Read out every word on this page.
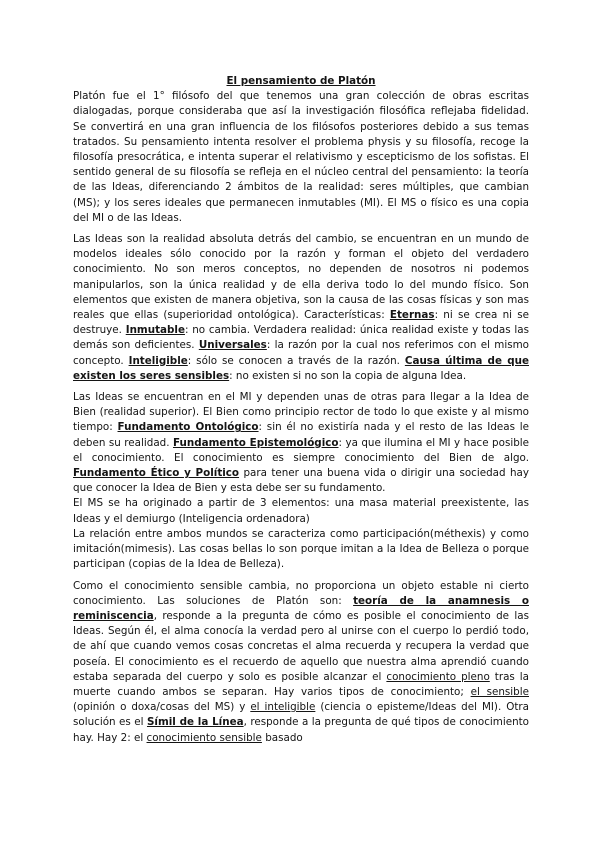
El pensamiento de Platón

Platón fue el 1° filósofo del que tenemos una gran colección de obras escritas dialogadas, porque consideraba que así la investigación filosófica reflejaba fidelidad. Se convertirá en una gran influencia de los filósofos posteriores debido a sus temas tratados. Su pensamiento intenta resolver el problema physis y su filosofía, recoge la filosofía presocrática, e intenta superar el relativismo y escepticismo de los sofistas. El sentido general de su filosofía se refleja en el núcleo central del pensamiento: la teoría de las Ideas, diferenciando 2 ámbitos de la realidad: seres múltiples, que cambian (MS); y los seres ideales que permanecen inmutables (MI). El MS o físico es una copia del MI o de las Ideas.

Las Ideas son la realidad absoluta detrás del cambio, se encuentran en un mundo de modelos ideales sólo conocido por la razón y forman el objeto del verdadero conocimiento. No son meros conceptos, no dependen de nosotros ni podemos manipularlos, son la única realidad y de ella deriva todo lo del mundo físico. Son elementos que existen de manera objetiva, son la causa de las cosas físicas y son mas reales que ellas (superioridad ontológica). Características: Eternas: ni se crea ni se destruye. Inmutable: no cambia. Verdadera realidad: única realidad existe y todas las demás son deficientes. Universales: la razón por la cual nos referimos con el mismo concepto. Inteligible: sólo se conocen a través de la razón. Causa última de que existen los seres sensibles: no existen si no son la copia de alguna Idea.

Las Ideas se encuentran en el MI y dependen unas de otras para llegar a la Idea de Bien (realidad superior). El Bien como principio rector de todo lo que existe y al mismo tiempo: Fundamento Ontológico: sin él no existiría nada y el resto de las Ideas le deben su realidad. Fundamento Epistemológico: ya que ilumina el MI y hace posible el conocimiento. El conocimiento es siempre conocimiento del Bien de algo. Fundamento Ético y Político para tener una buena vida o dirigir una sociedad hay que conocer la Idea de Bien y esta debe ser su fundamento.

El MS se ha originado a partir de 3 elementos: una masa material preexistente, las Ideas y el demiurgo (Inteligencia ordenadora)

La relación entre ambos mundos se caracteriza como participación(méthexis) y como imitación(mimesis). Las cosas bellas lo son porque imitan a la Idea de Belleza o porque participan (copias de la Idea de Belleza).

Como el conocimiento sensible cambia, no proporciona un objeto estable ni cierto conocimiento. Las soluciones de Platón son: teoría de la anamnesis o reminiscencia, responde a la pregunta de cómo es posible el conocimiento de las Ideas. Según él, el alma conocía la verdad pero al unirse con el cuerpo lo perdió todo, de ahí que cuando vemos cosas concretas el alma recuerda y recupera la verdad que poseía. El conocimiento es el recuerdo de aquello que nuestra alma aprendió cuando estaba separada del cuerpo y solo es posible alcanzar el conocimiento pleno tras la muerte cuando ambos se separan. Hay varios tipos de conocimiento; el sensible (opinión o doxa/cosas del MS) y el inteligible (ciencia o episteme/Ideas del MI). Otra solución es el Símil de la Línea, responde a la pregunta de qué tipos de conocimiento hay. Hay 2: el conocimiento sensible basado
